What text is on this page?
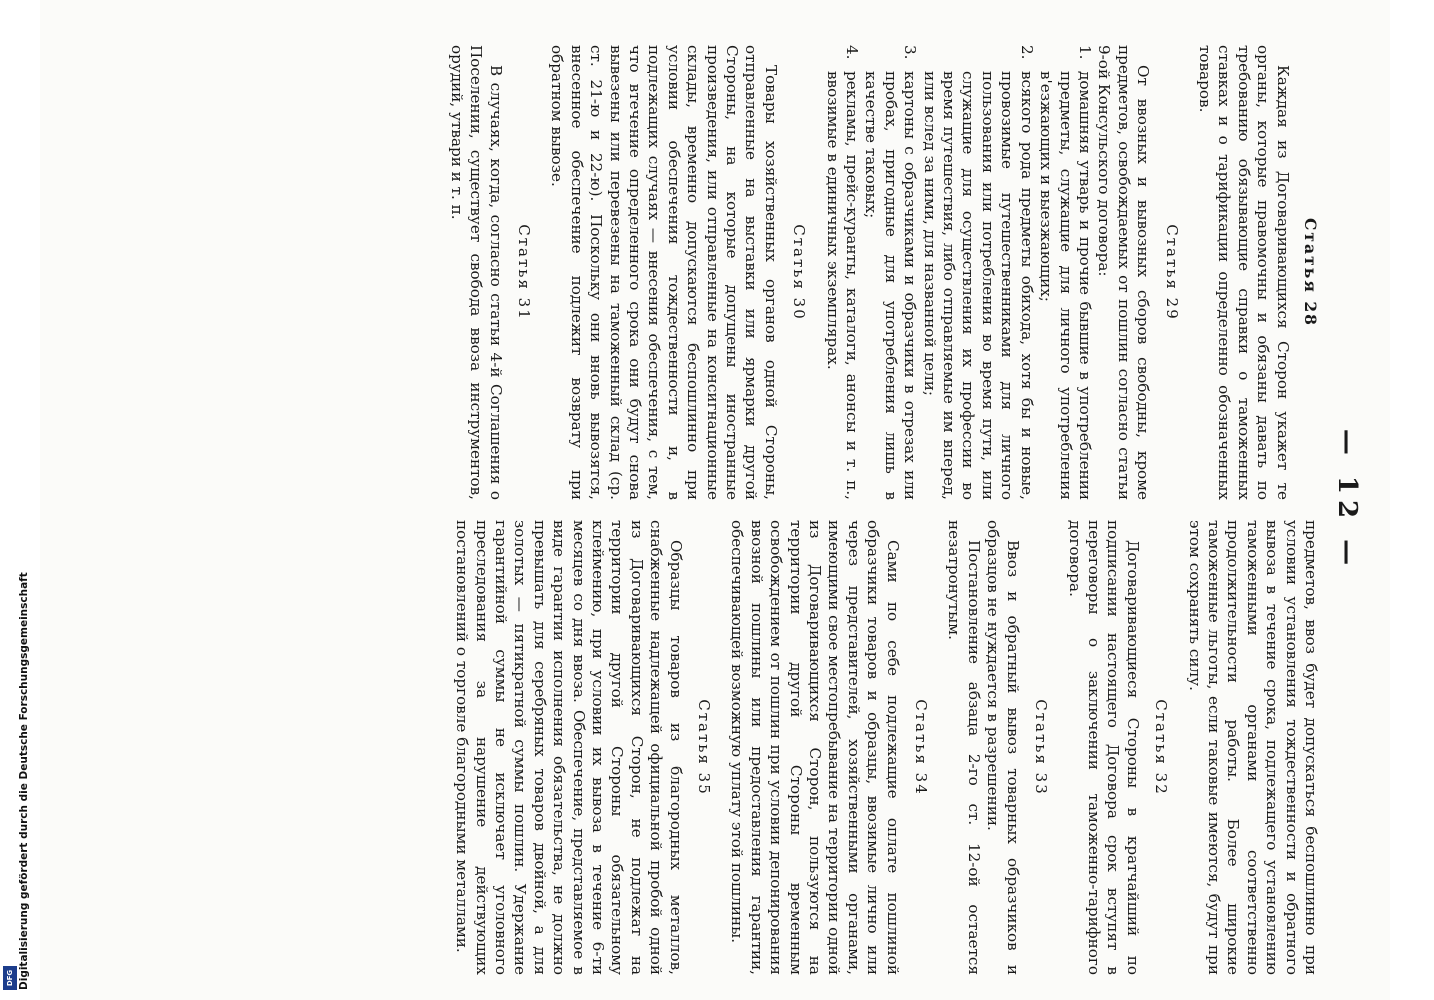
— 12 —
Статья 28

Каждая из Договаривающихся Сторон укажет те органы, которые правомочны и обязаны давать по требованию обязывающие справки о таможенных ставках и о тарификации определенно обозначенных товаров.

Статья 29

От ввозных и вывозных сборов свободны, кроме предметов, освобождаемых от пошлин согласно статьи 9-ой Консульского договора:

1.
домашняя утварь и прочие бывшие в употреблении предметы, служащие для личного употребления в'езжающих и выезжающих;
2.
всякого рода предметы обихода, хотя бы и новые, провозимые путешественниками для личного пользования или потребления во время пути, или служащие для осуществления их профессии во время путешествия, либо отправляемые им вперед, или вслед за ними, для названной цели;
3.
картоны с образчиками и образчики в отрезах или пробах, пригодные для употребления лишь в качестве таковых;
4.
рекламы, прейс-куранты, каталоги, анонсы и т. п., ввозимые в единичных экземплярах.
Статья 30

Товары хозяйственных органов одной Стороны, отправленные на выставки или ярмарки другой Стороны, на которые допущены иностранные произведения, или отправленные на консигнационные склады, временно допускаются беспошлинно при условии обеспечения тождественности и, в подлежащих случаях — внесения обеспечения, с тем, что втечение определенного срока они будут снова вывезены или перевезены на таможенный склад (ср. ст. 21-ю и 22-ю). Поскольку они вновь вывозятся, внесенное обеспечение подлежит возврату при обратном вывозе.

Статья 31

В случаях, когда, согласно статьи 4-й Соглашения о Поселении, существует свобода ввоза инструментов, орудий, утвари и т. п.

предметов, ввоз будет допускаться беспошлинно при условии установления тождественности и обратного вывоза в течение срока, подлежащего установлению таможенными органами соответственно продолжительности работы. Более широкие таможенные льготы, если таковые имеются, будут при этом сохранять силу.

Статья 32

Договаривающиеся Стороны в кратчайший по подписании настоящего Договора срок вступят в переговоры о заключении таможенно-тарифного договора.

Статья 33

Ввоз и обратный вывоз товарных образчиков и образцов не нуждается в разрешении.

Постановление абзаца 2-го ст. 12-ой остается незатронутым.

Статья 34

Сами по себе подлежащие оплате пошлиной образчики товаров и образцы, ввозимые лично или через представителей, хозяйственными органами, имеющими свое местопребывание на территории одной из Договаривающихся Сторон, пользуются на территории другой Стороны временным освобождением от пошлин при условии депонирования ввозной пошлины или предоставления гарантии, обеспечивающей возможную уплату этой пошлины.

Статья 35

Образцы товаров из благородных металлов, снабженные надлежащей официальной пробой одной из Договаривающихся Сторон, не подлежат на территории другой Стороны обязательному клеймению, при условии их вывоза в течение 6-ти месяцев со дня ввоза. Обеспечение, представляемое в виде гарантии исполнения обязательства, не должно превышать для серебряных товаров двойной, а для золотых — пятикратной суммы пошлин. Удержание гарантийной суммы не исключает уголовного преследования за нарушение действующих постановлений о торговле благородными металлами.

Digitalisierung gefördert durch die Deutsche Forschungsgemeinschaft
DFG
